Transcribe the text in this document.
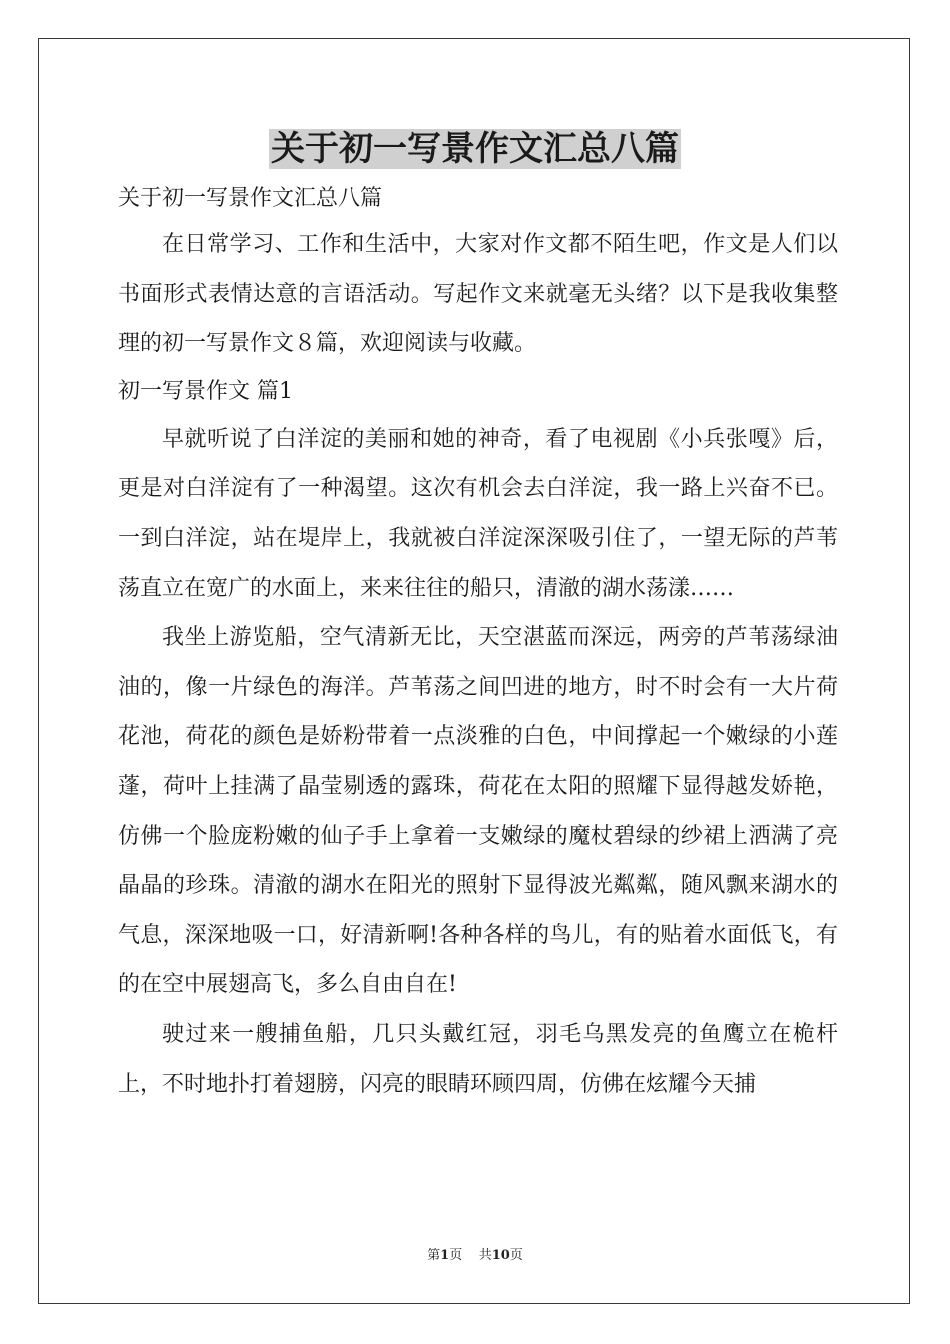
关于初一写景作文汇总八篇

关于初一写景作文汇总八篇

在日常学习、工作和生活中，大家对作文都不陌生吧，作文是人们以书面形式表情达意的言语活动。写起作文来就毫无头绪？以下是我收集整理的初一写景作文８篇，欢迎阅读与收藏。

初一写景作文 篇1

早就听说了白洋淀的美丽和她的神奇，看了电视剧《小兵张嘎》后，更是对白洋淀有了一种渴望。这次有机会去白洋淀，我一路上兴奋不已。一到白洋淀，站在堤岸上，我就被白洋淀深深吸引住了，一望无际的芦苇荡直立在宽广的水面上，来来往往的船只，清澈的湖水荡漾……

我坐上游览船，空气清新无比，天空湛蓝而深远，两旁的芦苇荡绿油油的，像一片绿色的海洋。芦苇荡之间凹进的地方，时不时会有一大片荷花池，荷花的颜色是娇粉带着一点淡雅的白色，中间撑起一个嫩绿的小莲蓬，荷叶上挂满了晶莹剔透的露珠，荷花在太阳的照耀下显得越发娇艳，仿佛一个脸庞粉嫩的仙子手上拿着一支嫩绿的魔杖碧绿的纱裙上洒满了亮晶晶的珍珠。清澈的湖水在阳光的照射下显得波光粼粼，随风飘来湖水的气息，深深地吸一口，好清新啊!各种各样的鸟儿，有的贴着水面低飞，有的在空中展翅高飞，多么自由自在!

驶过来一艘捕鱼船，几只头戴红冠，羽毛乌黑发亮的鱼鹰立在桅杆上，不时地扑打着翅膀，闪亮的眼睛环顾四周，仿佛在炫耀今天捕

第1页 共10页
